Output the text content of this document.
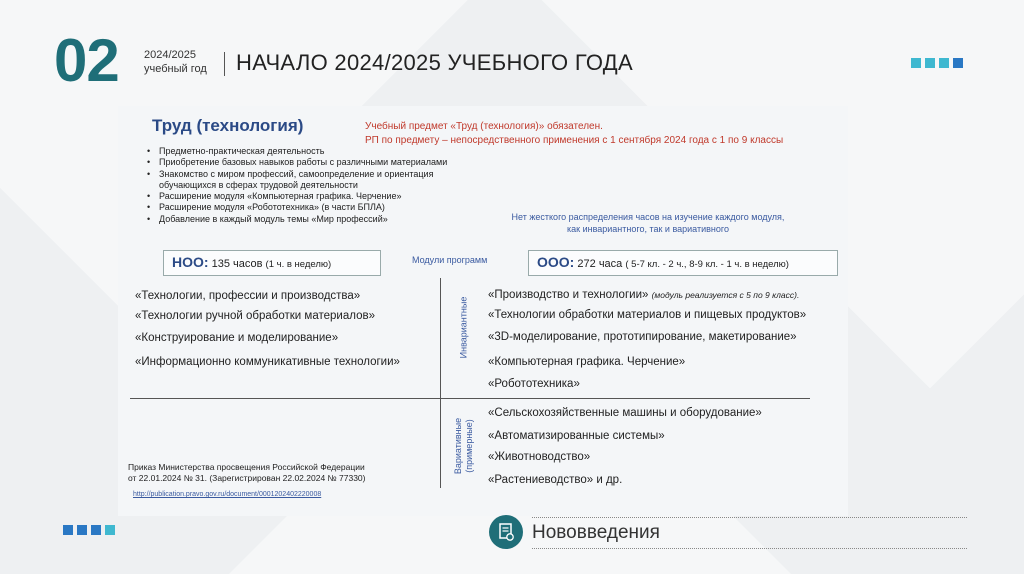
02 2024/2025
учебный год НАЧАЛО 2024/2025 УЧЕБНОГО ГОДА
Труд (технология)	Учебный предмет «Труд (технология)» обязателен.
РП по предмету – непосредственного применения с 1 сентября 2024 года с 1 по 9 классы
• Предметно-практическая деятельность
• Приобретение базовых навыков работы с различными материалами
• Знакомство с миром профессий, самоопределение и ориентация
обучающихся в сферах трудовой деятельности
• Расширение модуля «Компьютерная графика. Черчение»
• Расширение модуля «Робототехника» (в части БПЛА)
• Добавление в каждый модуль темы «Мир профессий»	Нет жесткого распределения часов на изучение каждого модуля,
как инвариантного, так и вариативного
НОО: 135 часов (1 ч. в неделю)	Модули программ	ООО: 272 часа ( 5-7 кл. - 2 ч., 8-9 кл. - 1 ч. в неделю)
«Технологии, профессии и производства»
«Технологии ручной обработки материалов»
«Конструирование и моделирование»
«Информационно коммуникативные технологии»
Инвариантные
Вариативные (примерные)
«Производство и технологии» (модуль реализуется с 5 по 9 класс).
«Технологии обработки материалов и пищевых продуктов»
«3D-моделирование, прототипирование, макетирование»
«Компьютерная графика. Черчение»
«Робототехника»
«Сельскохозяйственные машины и оборудование»
«Автоматизированные системы»
«Животноводство»
«Растениеводство» и др.
Приказ Министерства просвещения Российской Федерации
от 22.01.2024 № 31. (Зарегистрирован 22.02.2024 № 77330)
http://publication.pravo.gov.ru/document/0001202402220008
Нововведения
